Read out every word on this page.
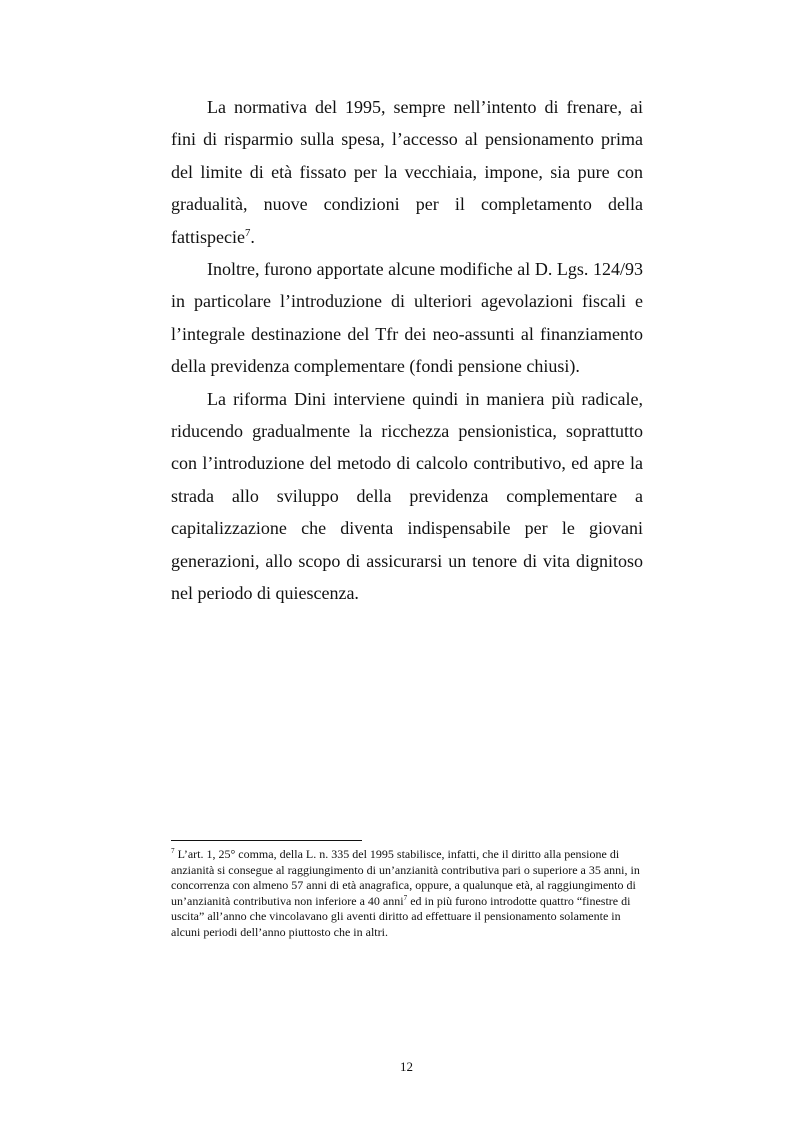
La normativa del 1995, sempre nell’intento di frenare, ai fini di risparmio sulla spesa, l’accesso al pensionamento prima del limite di età fissato per la vecchiaia, impone, sia pure con gradualità, nuove condizioni per il completamento della fattispecie$^7$.

Inoltre, furono apportate alcune modifiche al D. Lgs. 124/93 in particolare l’introduzione di ulteriori agevolazioni fiscali e l’integrale destinazione del Tfr dei neo-assunti al finanziamento della previdenza complementare (fondi pensione chiusi).

La riforma Dini interviene quindi in maniera più radicale, riducendo gradualmente la ricchezza pensionistica, soprattutto con l’introduzione del metodo di calcolo contributivo, ed apre la strada allo sviluppo della previdenza complementare a capitalizzazione che diventa indispensabile per le giovani generazioni, allo scopo di assicurarsi un tenore di vita dignitoso nel periodo di quiescenza.

$^7$ L’art. 1, 25° comma, della L. n. 335 del 1995 stabilisce, infatti, che il diritto alla pensione di anzianità si consegue al raggiungimento di un’anzianità contributiva pari o superiore a 35 anni, in concorrenza con almeno 57 anni di età anagrafica, oppure, a qualunque età, al raggiungimento di un’anzianità contributiva non inferiore a 40 anni$^7$ ed in più furono introdotte quattro “finestre di uscita” all’anno che vincolavano gli aventi diritto ad effettuare il pensionamento solamente in alcuni periodi dell’anno piuttosto che in altri.

12
